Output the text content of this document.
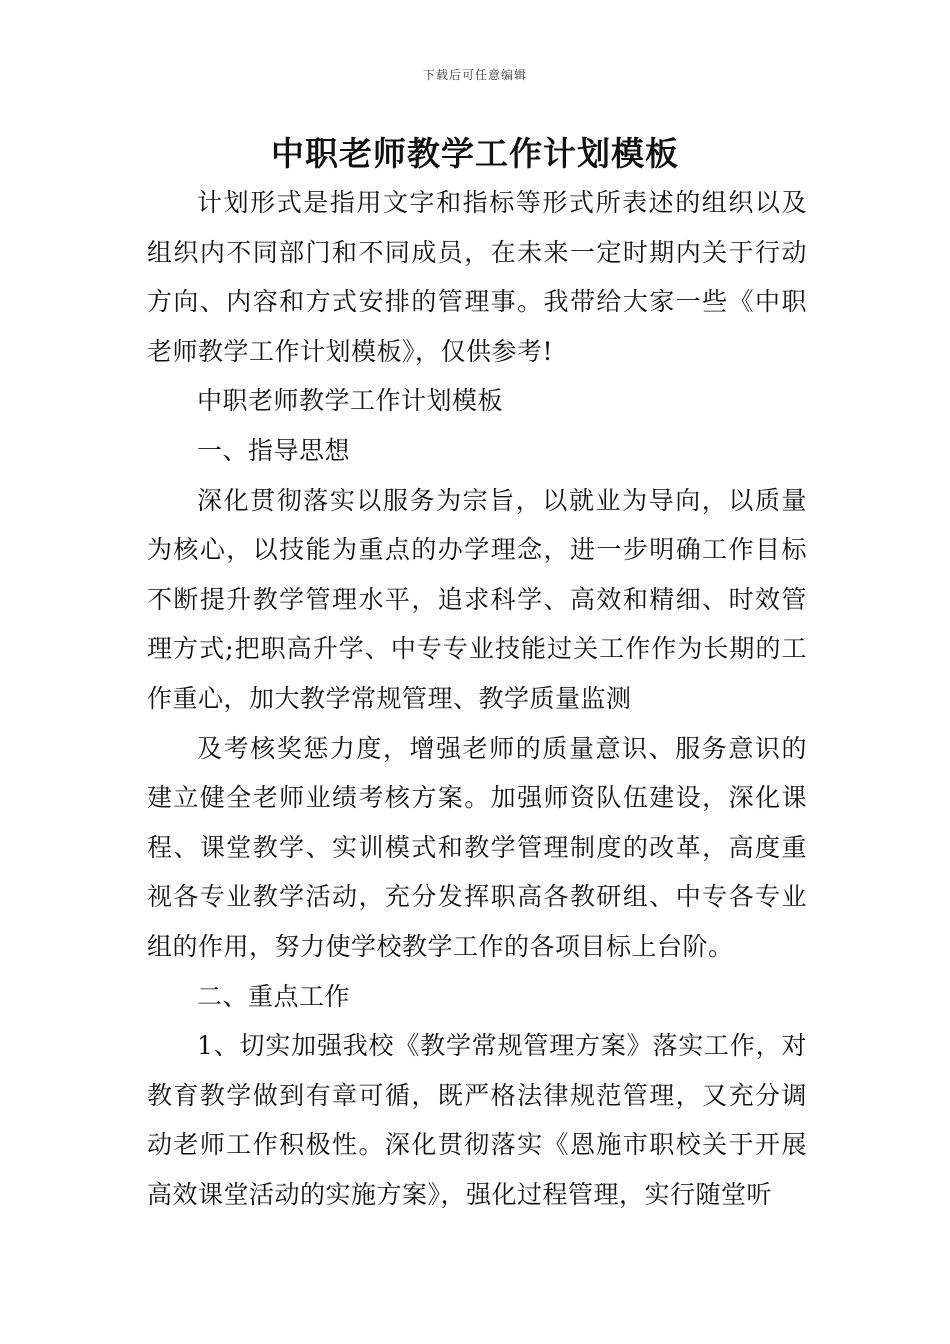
下载后可任意编辑
中职老师教学工作计划模板

计划形式是指用文字和指标等形式所表述的组织以及组织内不同部门和不同成员，在未来一定时期内关于行动方向、内容和方式安排的管理事。我带给大家一些《中职老师教学工作计划模板》，仅供参考!

中职老师教学工作计划模板

一、指导思想

深化贯彻落实以服务为宗旨，以就业为导向，以质量为核心，以技能为重点的办学理念，进一步明确工作目标不断提升教学管理水平，追求科学、高效和精细、时效管理方式;把职高升学、中专专业技能过关工作作为长期的工作重心，加大教学常规管理、教学质量监测

及考核奖惩力度，增强老师的质量意识、服务意识的建立健全老师业绩考核方案。加强师资队伍建设，深化课程、课堂教学、实训模式和教学管理制度的改革，高度重视各专业教学活动，充分发挥职高各教研组、中专各专业组的作用，努力使学校教学工作的各项目标上台阶。

二、重点工作

1、切实加强我校《教学常规管理方案》落实工作，对教育教学做到有章可循，既严格法律规范管理，又充分调动老师工作积极性。深化贯彻落实《恩施市职校关于开展高效课堂活动的实施方案》，强化过程管理，实行随堂听
